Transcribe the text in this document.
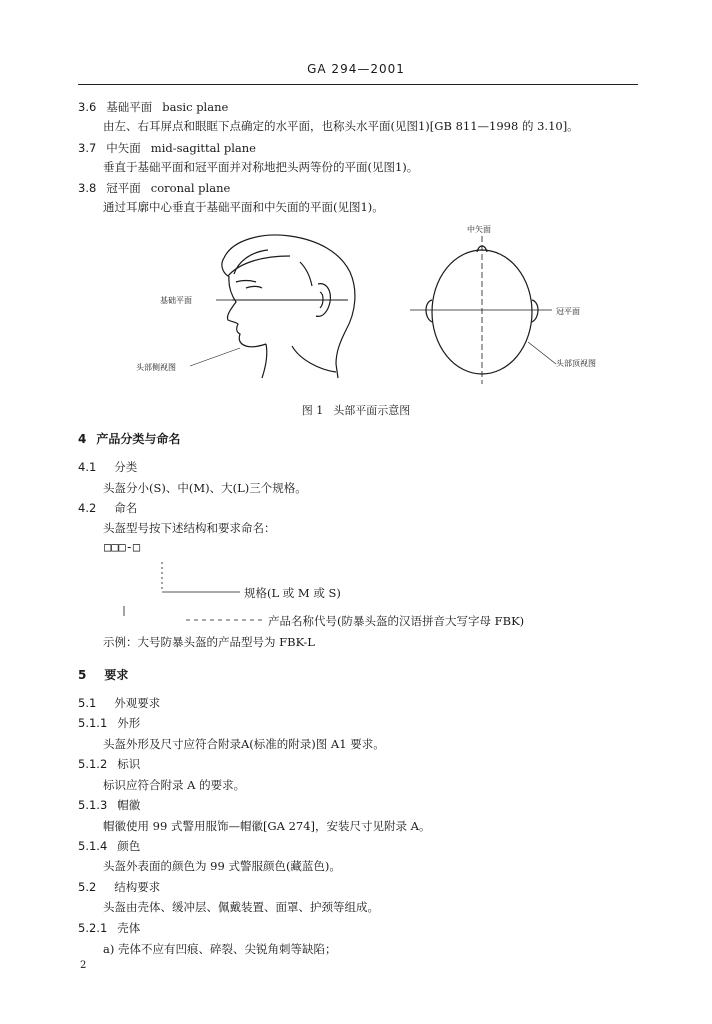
GA 294—2001
3.6 基础平面 basic plane
由左、右耳屏点和眼眶下点确定的水平面，也称头水平面(见图1)[GB 811—1998 的 3.10]。
3.7 中矢面 mid-sagittal plane
垂直于基础平面和冠平面并对称地把头两等份的平面(见图1)。
3.8 冠平面 coronal plane
通过耳廓中心垂直于基础平面和中矢面的平面(见图1)。
中矢面
基础平面
头部侧视图
冠平面
头部顶视图
图 1 头部平面示意图
4 产品分类与命名
4.1 分类
头盔分小(S)、中(M)、大(L)三个规格。
4.2 命名
头盔型号按下述结构和要求命名：
□□□-□
规格(L 或 M 或 S)
产品名称代号(防暴头盔的汉语拼音大写字母 FBK)
示例：大号防暴头盔的产品型号为 FBK-L
5 要求
5.1 外观要求
5.1.1 外形
头盔外形及尺寸应符合附录A(标准的附录)图 A1 要求。
5.1.2 标识
标识应符合附录 A 的要求。
5.1.3 帽徽
帽徽使用 99 式警用服饰—帽徽[GA 274]，安装尺寸见附录 A。
5.1.4 颜色
头盔外表面的颜色为 99 式警服颜色(藏蓝色)。
5.2 结构要求
头盔由壳体、缓冲层、佩戴装置、面罩、护颈等组成。
5.2.1 壳体
a) 壳体不应有凹痕、碎裂、尖锐角刺等缺陷；
2
